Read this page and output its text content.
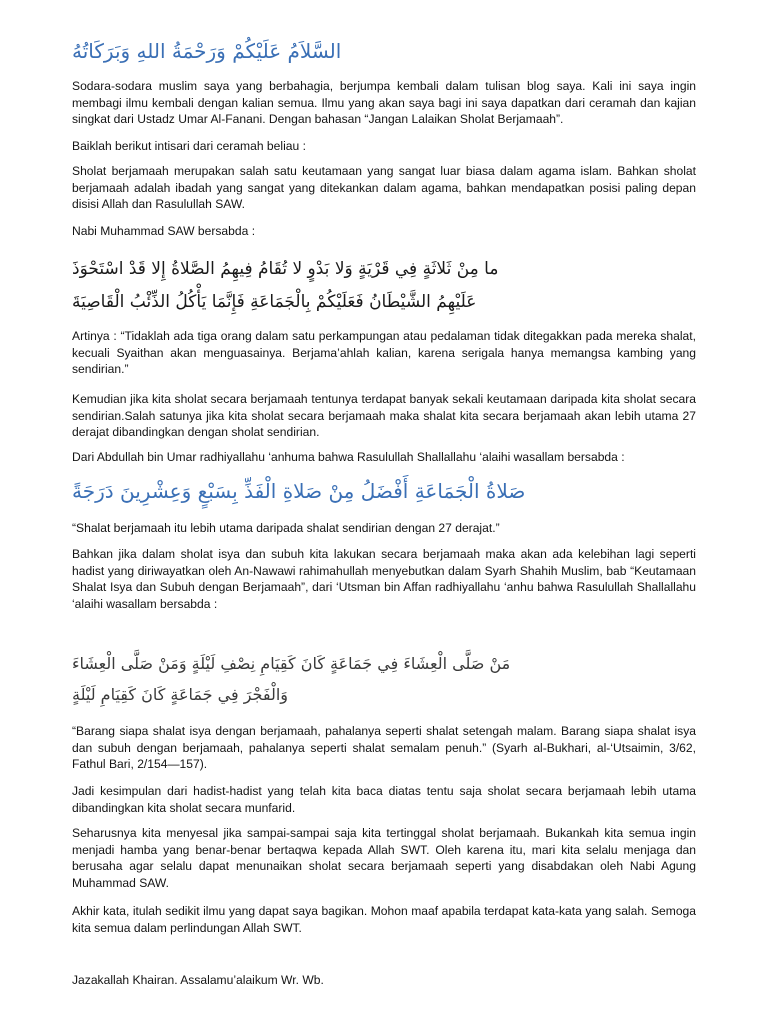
السَّلاَمُ عَلَيْكُمْ وَرَحْمَةُ اللهِ وَبَرَكَاتُهُ

Sodara-sodara muslim saya yang berbahagia, berjumpa kembali dalam tulisan blog saya. Kali ini saya ingin membagi ilmu kembali dengan kalian semua. Ilmu yang akan saya bagi ini saya dapatkan dari ceramah dan kajian singkat dari Ustadz Umar Al-Fanani. Dengan bahasan “Jangan Lalaikan Sholat Berjamaah”.

Baiklah berikut intisari dari ceramah beliau :

Sholat berjamaah merupakan salah satu keutamaan yang sangat luar biasa dalam agama islam. Bahkan sholat berjamaah adalah ibadah yang sangat yang ditekankan dalam agama, bahkan mendapatkan posisi paling depan disisi Allah dan Rasulullah SAW.

Nabi Muhammad SAW bersabda :

ما مِنْ ثَلاثَةٍ فِي قَرْيَةٍ وَلا بَدْوٍ لا تُقَامُ فِيهِمُ الصَّلاةُ إِلا قَدْ اسْتَحْوَذَ
عَلَيْهِمُ الشَّيْطَانُ فَعَلَيْكُمْ بِالْجَمَاعَةِ فَإِنَّمَا يَأْكُلُ الذِّئْبُ الْقَاصِيَةَ

Artinya : “Tidaklah ada tiga orang dalam satu perkampungan atau pedalaman tidak ditegakkan pada mereka shalat, kecuali Syaithan akan menguasainya. Berjama’ahlah kalian, karena serigala hanya memangsa kambing yang sendirian.”

Kemudian jika kita sholat secara berjamaah tentunya terdapat banyak sekali keutamaan daripada kita sholat secara sendirian.Salah satunya jika kita sholat secara berjamaah maka shalat kita secara berjamaah akan lebih utama 27 derajat dibandingkan dengan sholat sendirian.

Dari Abdullah bin Umar radhiyallahu ‘anhuma bahwa Rasulullah Shallallahu ‘alaihi wasallam bersabda :

صَلاةُ الْجَمَاعَةِ أَفْضَلُ مِنْ صَلاةِ الْفَذِّ بِسَبْعٍ وَعِشْرِينَ دَرَجَةً

“Shalat berjamaah itu lebih utama daripada shalat sendirian dengan 27 derajat.”

Bahkan jika dalam sholat isya dan subuh kita lakukan secara berjamaah maka akan ada kelebihan lagi seperti hadist yang diriwayatkan oleh An-Nawawi rahimahullah menyebutkan dalam Syarh Shahih Muslim, bab “Keutamaan Shalat Isya dan Subuh dengan Berjamaah”, dari ‘Utsman bin Affan radhiyallahu ‘anhu bahwa Rasulullah Shallallahu ‘alaihi wasallam bersabda :

مَنْ صَلَّى الْعِشَاءَ فِي جَمَاعَةٍ كَانَ كَقِيَامِ نِصْفِ لَيْلَةٍ وَمَنْ صَلَّى الْعِشَاءَ
وَالْفَجْرَ فِي جَمَاعَةٍ كَانَ كَقِيَامِ لَيْلَةٍ

“Barang siapa shalat isya dengan berjamaah, pahalanya seperti shalat setengah malam. Barang siapa shalat isya dan subuh dengan berjamaah, pahalanya seperti shalat semalam penuh.” (Syarh al-Bukhari, al-‘Utsaimin, 3/62, Fathul Bari, 2/154—157).

Jadi kesimpulan dari hadist-hadist yang telah kita baca diatas tentu saja sholat secara berjamaah lebih utama dibandingkan kita sholat secara munfarid.

Seharusnya kita menyesal jika sampai-sampai saja kita tertinggal sholat berjamaah. Bukankah kita semua ingin menjadi hamba yang benar-benar bertaqwa kepada Allah SWT. Oleh karena itu, mari kita selalu menjaga dan berusaha agar selalu dapat menunaikan sholat secara berjamaah seperti yang disabdakan oleh Nabi Agung Muhammad SAW.

Akhir kata, itulah sedikit ilmu yang dapat saya bagikan. Mohon maaf apabila terdapat kata-kata yang salah. Semoga kita semua dalam perlindungan Allah SWT.

Jazakallah Khairan. Assalamu’alaikum Wr. Wb.
